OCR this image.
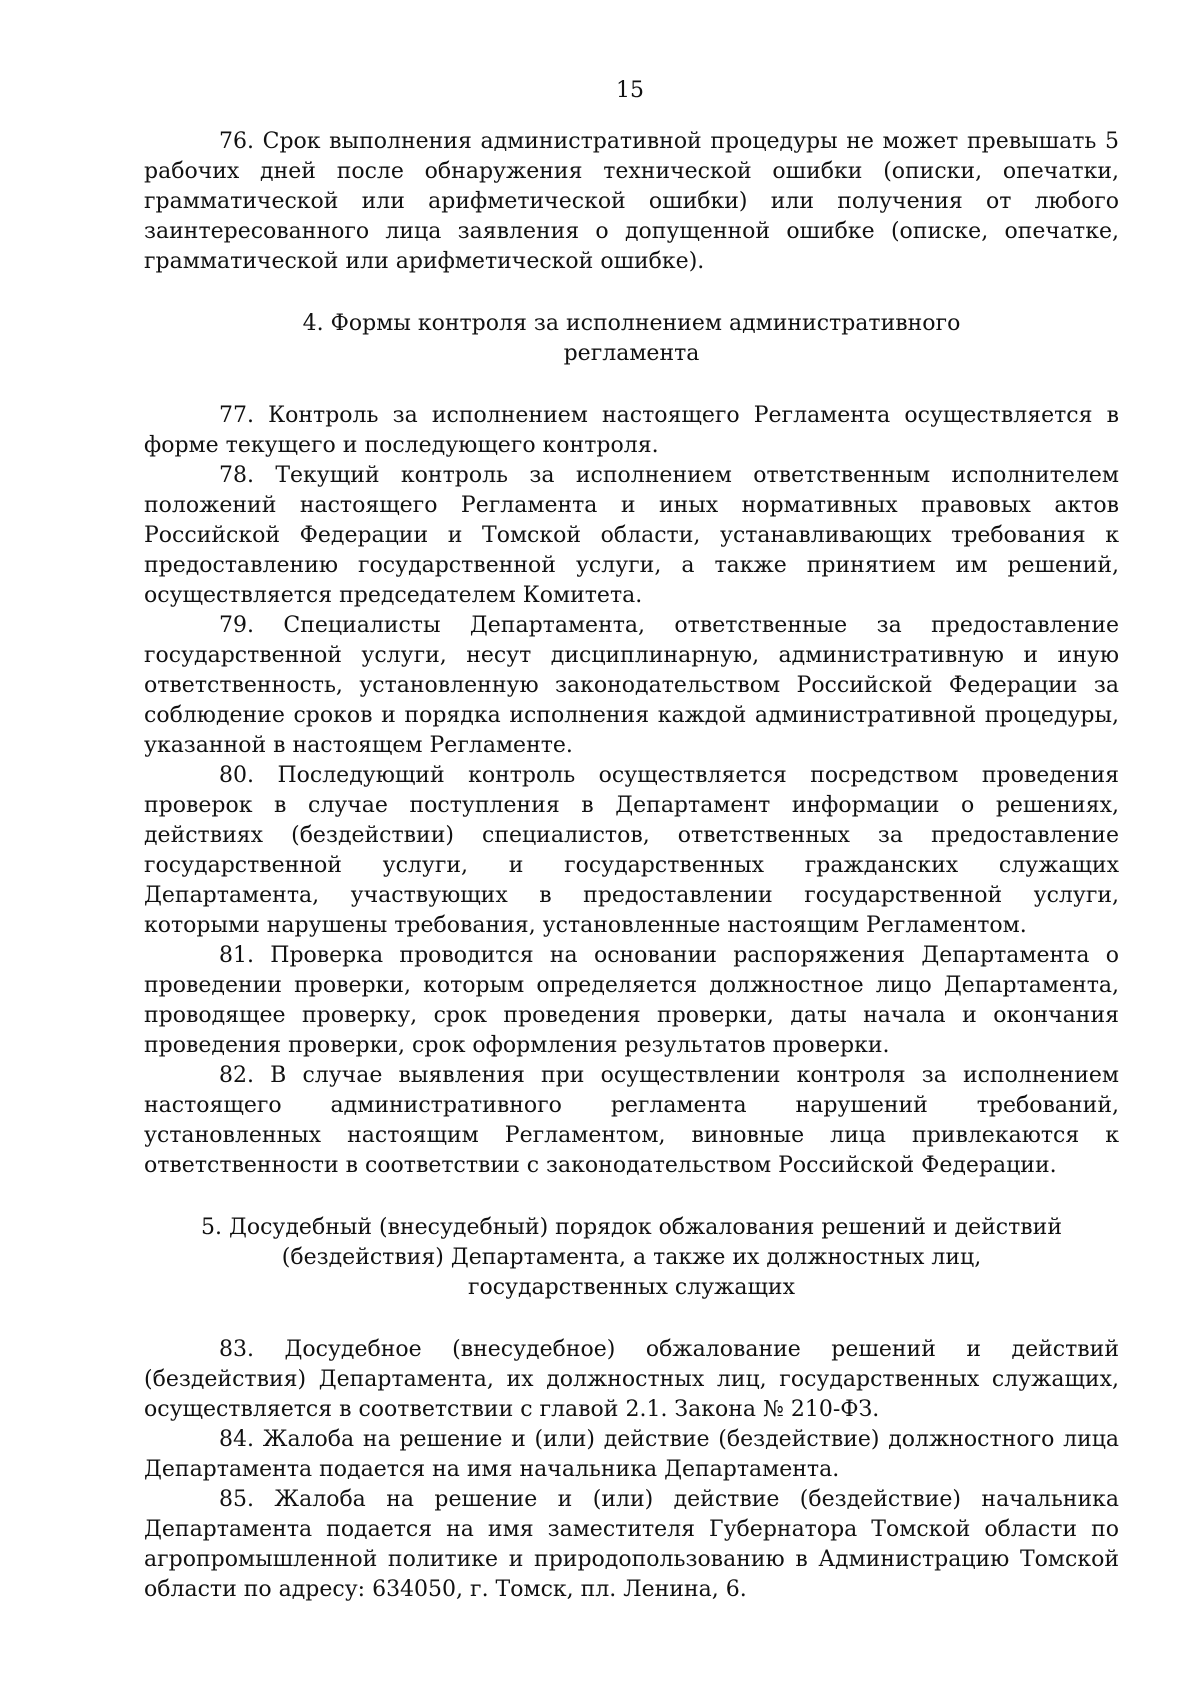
15

76. Срок выполнения административной процедуры не может превышать 5 рабочих дней после обнаружения технической ошибки (описки, опечатки, грамматической или арифметической ошибки) или получения от любого заинтересованного лица заявления о допущенной ошибке (описке, опечатке, грамматической или арифметической ошибке).

4. Формы контроля за исполнением административного
регламента

77. Контроль за исполнением настоящего Регламента осуществляется в форме текущего и последующего контроля.

78. Текущий контроль за исполнением ответственным исполнителем положений настоящего Регламента и иных нормативных правовых актов Российской Федерации и Томской области, устанавливающих требования к предоставлению государственной услуги, а также принятием им решений, осуществляется председателем Комитета.

79. Специалисты Департамента, ответственные за предоставление государственной услуги, несут дисциплинарную, административную и иную ответственность, установленную законодательством Российской Федерации за соблюдение сроков и порядка исполнения каждой административной процедуры, указанной в настоящем Регламенте.

80. Последующий контроль осуществляется посредством проведения проверок в случае поступления в Департамент информации о решениях, действиях (бездействии) специалистов, ответственных за предоставление государственной услуги, и государственных гражданских служащих Департамента, участвующих в предоставлении государственной услуги, которыми нарушены требования, установленные настоящим Регламентом.

81. Проверка проводится на основании распоряжения Департамента о проведении проверки, которым определяется должностное лицо Департамента, проводящее проверку, срок проведения проверки, даты начала и окончания проведения проверки, срок оформления результатов проверки.

82. В случае выявления при осуществлении контроля за исполнением настоящего административного регламента нарушений требований, установленных настоящим Регламентом, виновные лица привлекаются к ответственности в соответствии с законодательством Российской Федерации.

5. Досудебный (внесудебный) порядок обжалования решений и действий
(бездействия) Департамента, а также их должностных лиц,
государственных служащих

83. Досудебное (внесудебное) обжалование решений и действий (бездействия) Департамента, их должностных лиц, государственных служащих, осуществляется в соответствии с главой 2.1. Закона № 210-ФЗ.

84. Жалоба на решение и (или) действие (бездействие) должностного лица Департамента подается на имя начальника Департамента.

85. Жалоба на решение и (или) действие (бездействие) начальника Департамента подается на имя заместителя Губернатора Томской области по агропромышленной политике и природопользованию в Администрацию Томской области по адресу: 634050, г. Томск, пл. Ленина, 6.
